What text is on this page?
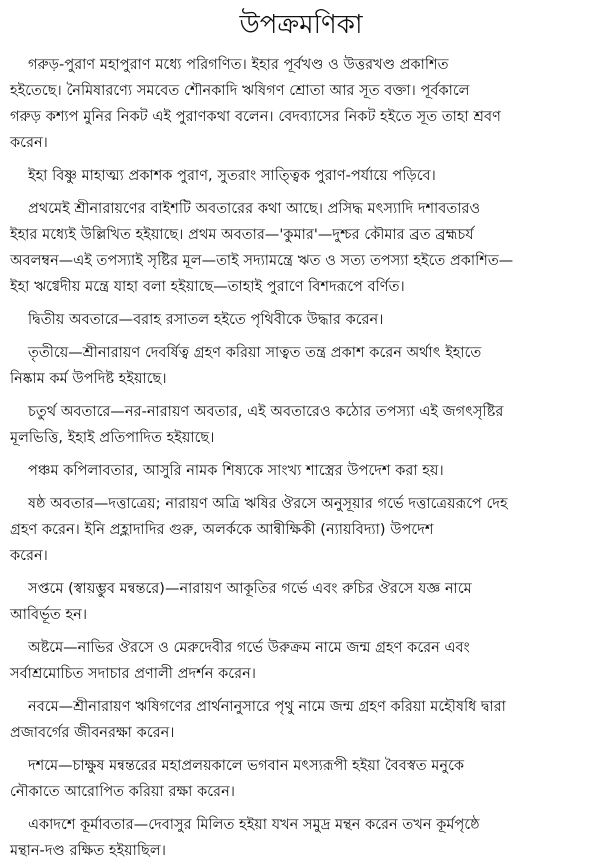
উপক্রমণিকা
গরুড়-পুরাণ মহাপুরাণ মধ্যে পরিগণিত। ইহার পূর্বখণ্ড ও উত্তরখণ্ড প্রকাশিত
হইতেছে। নৈমিষারণ্যে সমবেত শৌনকাদি ঋষিগণ শ্রোতা আর সূত বক্তা। পূর্বকালে
গরুড় কশ্যপ মুনির নিকট এই পুরাণকথা বলেন। বেদব্যাসের নিকট হইতে সূত তাহা শ্রবণ
করেন।
ইহা বিষ্ণু মাহাত্ম্য প্রকাশক পুরাণ, সুতরাং সাত্ত্বিক পুরাণ-পর্যায়ে পড়িবে।
প্রথমেই শ্রীনারায়ণের বাইশটি অবতারের কথা আছে। প্রসিদ্ধ মৎস্যাদি দশাবতারও
ইহার মধ্যেই উল্লিখিত হইয়াছে। প্রথম অবতার—'কুমার'—দুশ্চর কৌমার ব্রত ব্রহ্মচর্য
অবলম্বন—এই তপস্যাই সৃষ্টির মূল—তাই সদ্যামন্ত্রে ঋত ও সত্য তপস্যা হইতে প্রকাশিত—
ইহা ঋগ্বেদীয় মন্ত্রে যাহা বলা হইয়াছে—তাহাই পুরাণে বিশদরূপে বর্ণিত।
দ্বিতীয় অবতারে—বরাহ রসাতল হইতে পৃথিবীকে উদ্ধার করেন।
তৃতীয়ে—শ্রীনারায়ণ দেবর্ষিত্ব গ্রহণ করিয়া সাত্বত তন্ত্র প্রকাশ করেন অর্থাৎ ইহাতে
নিষ্কাম কর্ম উপদিষ্ট হইয়াছে।
চতুর্থ অবতারে—নর-নারায়ণ অবতার, এই অবতারেও কঠোর তপস্যা এই জগৎসৃষ্টির
মূলভিত্তি, ইহাই প্রতিপাদিত হইয়াছে।
পঞ্চম কপিলাবতার, আসুরি নামক শিষ্যকে সাংখ্য শাস্ত্রের উপদেশ করা হয়।
ষষ্ঠ অবতার—দত্তাত্রেয়; নারায়ণ অত্রি ঋষির ঔরসে অনুসূয়ার গর্ভে দত্তাত্রেয়রূপে দেহ
গ্রহণ করেন। ইনি প্রহ্লাদাদির গুরু, অলর্ককে আন্বীক্ষিকী (ন্যায়বিদ্যা) উপদেশ
করেন।
সপ্তমে (স্বায়ম্ভুব মন্বন্তরে)—নারায়ণ আকূতির গর্ভে এবং রুচির ঔরসে যজ্ঞ নামে
আবির্ভূত হন।
অষ্টমে—নাভির ঔরসে ও মেরুদেবীর গর্ভে উরুক্রম নামে জন্ম গ্রহণ করেন এবং
সর্বাশ্রমোচিত সদাচার প্রণালী প্রদর্শন করেন।
নবমে—শ্রীনারায়ণ ঋষিগণের প্রার্থনানুসারে পৃথু নামে জন্ম গ্রহণ করিয়া মহৌষধি দ্বারা
প্রজাবর্গের জীবনরক্ষা করেন।
দশমে—চাক্ষুষ মন্বন্তরের মহাপ্রলয়কালে ভগবান মৎস্যরূপী হইয়া বৈবস্বত মনুকে
নৌকাতে আরোপিত করিয়া রক্ষা করেন।
একাদশে কূর্মাবতার—দেবাসুর মিলিত হইয়া যখন সমুদ্র মন্থন করেন তখন কূর্মপৃষ্ঠে
মন্থান-দণ্ড রক্ষিত হইয়াছিল।
